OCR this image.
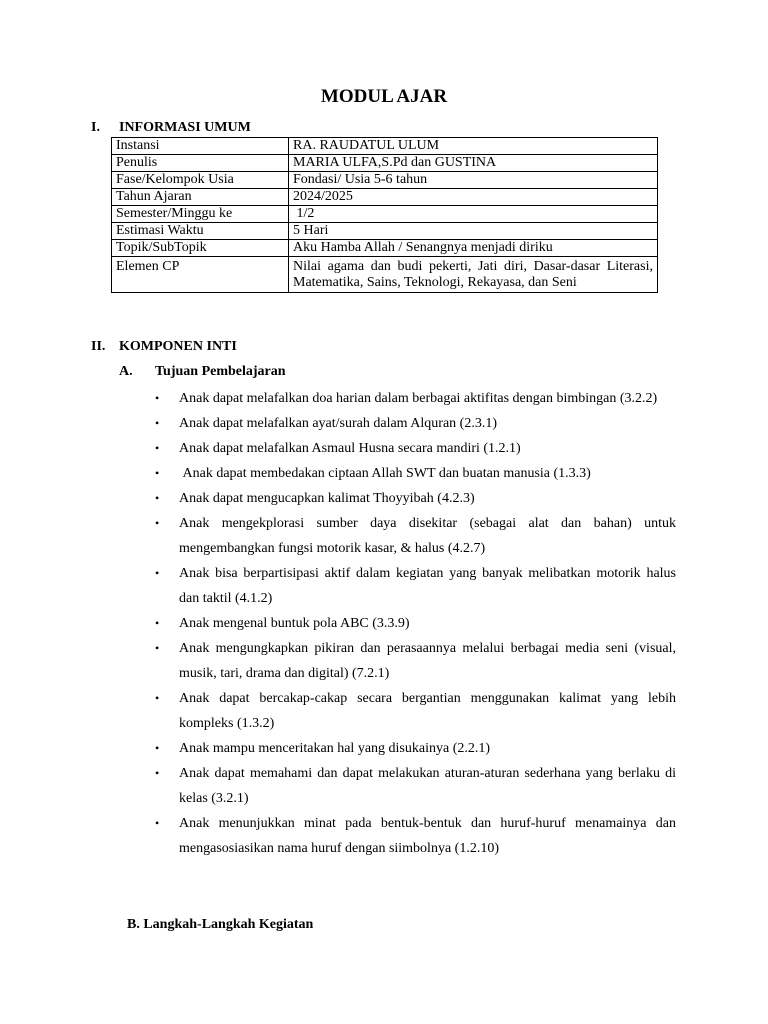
MODUL AJAR
I. INFORMASI UMUM
Instansi	RA. RAUDATUL ULUM
Penulis	MARIA ULFA,S.Pd dan GUSTINA
Fase/Kelompok Usia	Fondasi/ Usia 5-6 tahun
Tahun Ajaran	2024/2025
Semester/Minggu ke	1/2
Estimasi Waktu	5 Hari
Topik/SubTopik	Aku Hamba Allah / Senangnya menjadi diriku
Elemen CP	Nilai agama dan budi pekerti, Jati diri, Dasar-dasar Literasi, Matematika, Sains, Teknologi, Rekayasa, dan Seni
II. KOMPONEN INTI
A. Tujuan Pembelajaran
• Anak dapat melafalkan doa harian dalam berbagai aktifitas dengan bimbingan (3.2.2)
• Anak dapat melafalkan ayat/surah dalam Alquran (2.3.1)
• Anak dapat melafalkan Asmaul Husna secara mandiri (1.2.1)
• Anak dapat membedakan ciptaan Allah SWT dan buatan manusia (1.3.3)
• Anak dapat mengucapkan kalimat Thoyyibah (4.2.3)
• Anak mengekplorasi sumber daya disekitar (sebagai alat dan bahan) untuk mengembangkan fungsi motorik kasar, & halus (4.2.7)
• Anak bisa berpartisipasi aktif dalam kegiatan yang banyak melibatkan motorik halus dan taktil (4.1.2)
• Anak mengenal buntuk pola ABC (3.3.9)
• Anak mengungkapkan pikiran dan perasaannya melalui berbagai media seni (visual, musik, tari, drama dan digital) (7.2.1)
• Anak dapat bercakap-cakap secara bergantian menggunakan kalimat yang lebih kompleks (1.3.2)
• Anak mampu menceritakan hal yang disukainya (2.2.1)
• Anak dapat memahami dan dapat melakukan aturan-aturan sederhana yang berlaku di kelas (3.2.1)
• Anak menunjukkan minat pada bentuk-bentuk dan huruf-huruf menamainya dan mengasosiasikan nama huruf dengan siimbolnya (1.2.10)
B. Langkah-Langkah Kegiatan
